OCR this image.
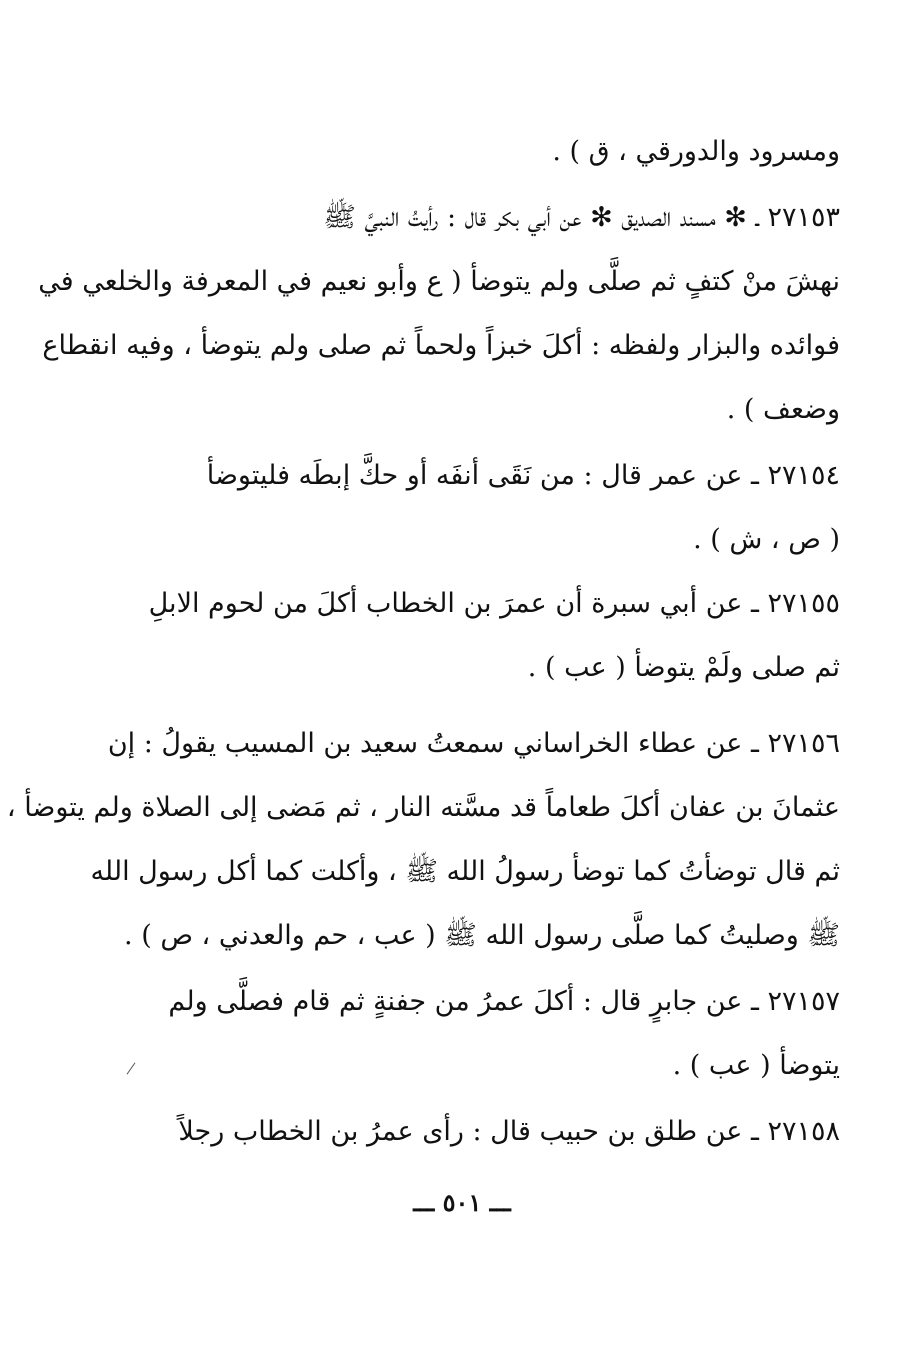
ومسرود والدورقي ، ق ) .
٢٧١٥٣ ـ ✻ مسند الصديق ✻ عن أبي بكر قال : رأيتُ النبيَّ ﷺ
نهشَ منْ كتفٍ ثم صلَّى ولم يتوضأ ( ع وأبو نعيم في المعرفة والخلعي في
فوائده والبزار ولفظه : أكلَ خبزاً ولحماً ثم صلى ولم يتوضأ ، وفيه انقطاع
وضعف ) .
٢٧١٥٤ ـ عن عمر قال : من نَقَى أنفَه أو حكَّ إبطَه فليتوضأ
( ص ، ش ) .
٢٧١٥٥ ـ عن أبي سبرة أن عمرَ بن الخطاب أكلَ من لحوم الابلِ
ثم صلى ولَمْ يتوضأ ( عب ) .
٢٧١٥٦ ـ عن عطاء الخراساني سمعتُ سعيد بن المسيب يقولُ : إن
عثمانَ بن عفان أكلَ طعاماً قد مسَّته النار ، ثم مَضى إلى الصلاة ولم يتوضأ ،
ثم قال توضأتُ كما توضأ رسولُ الله ﷺ ، وأكلت كما أكل رسول الله
ﷺ وصليتُ كما صلَّى رسول الله ﷺ ( عب ، حم والعدني ، ص ) .
٢٧١٥٧ ـ عن جابرٍ قال : أكلَ عمرُ من جفنةٍ ثم قام فصلَّى ولم
يتوضأ ( عب ) .
٢٧١٥٨ ـ عن طلق بن حبيب قال : رأى عمرُ بن الخطاب رجلاً
ـــ ٥٠١ ـــ
